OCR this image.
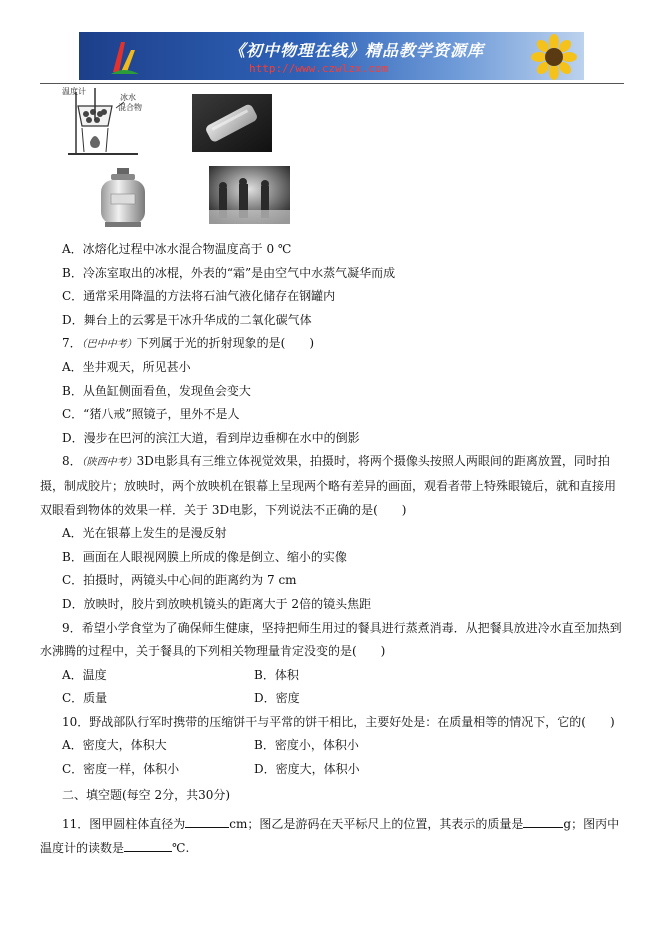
《初中物理在线》精品教学资源库
http://www.czwlzx.com
温度计
冰水
混合物
A．冰熔化过程中冰水混合物温度高于 0 ℃
B．冷冻室取出的冰棍，外表的“霜”是由空气中水蒸气凝华而成
C．通常采用降温的方法将石油气液化储存在钢罐内
D．舞台上的云雾是干冰升华成的二氧化碳气体
7．（巴中中考）下列属于光的折射现象的是(　　)
A．坐井观天，所见甚小
B．从鱼缸侧面看鱼，发现鱼会变大
C．“猪八戒”照镜子，里外不是人
D．漫步在巴河的滨江大道，看到岸边垂柳在水中的倒影
8．（陕西中考）3D电影具有三维立体视觉效果，拍摄时，将两个摄像头按照人两眼间的距离放置，同时拍摄，制成胶片；放映时，两个放映机在银幕上呈现两个略有差异的画面，观看者带上特殊眼镜后，就和直接用双眼看到物体的效果一样．关于 3D电影，下列说法不正确的是(　　)
A．光在银幕上发生的是漫反射
B．画面在人眼视网膜上所成的像是倒立、缩小的实像
C．拍摄时，两镜头中心间的距离约为 7 cm
D．放映时，胶片到放映机镜头的距离大于 2倍的镜头焦距
9．希望小学食堂为了确保师生健康，坚持把师生用过的餐具进行蒸煮消毒．从把餐具放进冷水直至加热到水沸腾的过程中，关于餐具的下列相关物理量肯定没变的是(　　)
A．温度	B．体积
C．质量	D．密度
10．野战部队行军时携带的压缩饼干与平常的饼干相比，主要好处是：在质量相等的情况下，它的(　　)
A．密度大，体积大	B．密度小，体积小
C．密度一样，体积小	D．密度大，体积小
二、填空题(每空 2分，共30分)
11．图甲圆柱体直径为	cm；图乙是游码在天平标尺上的位置，其表示的质量是	g；图丙中温度计的读数是	℃.
